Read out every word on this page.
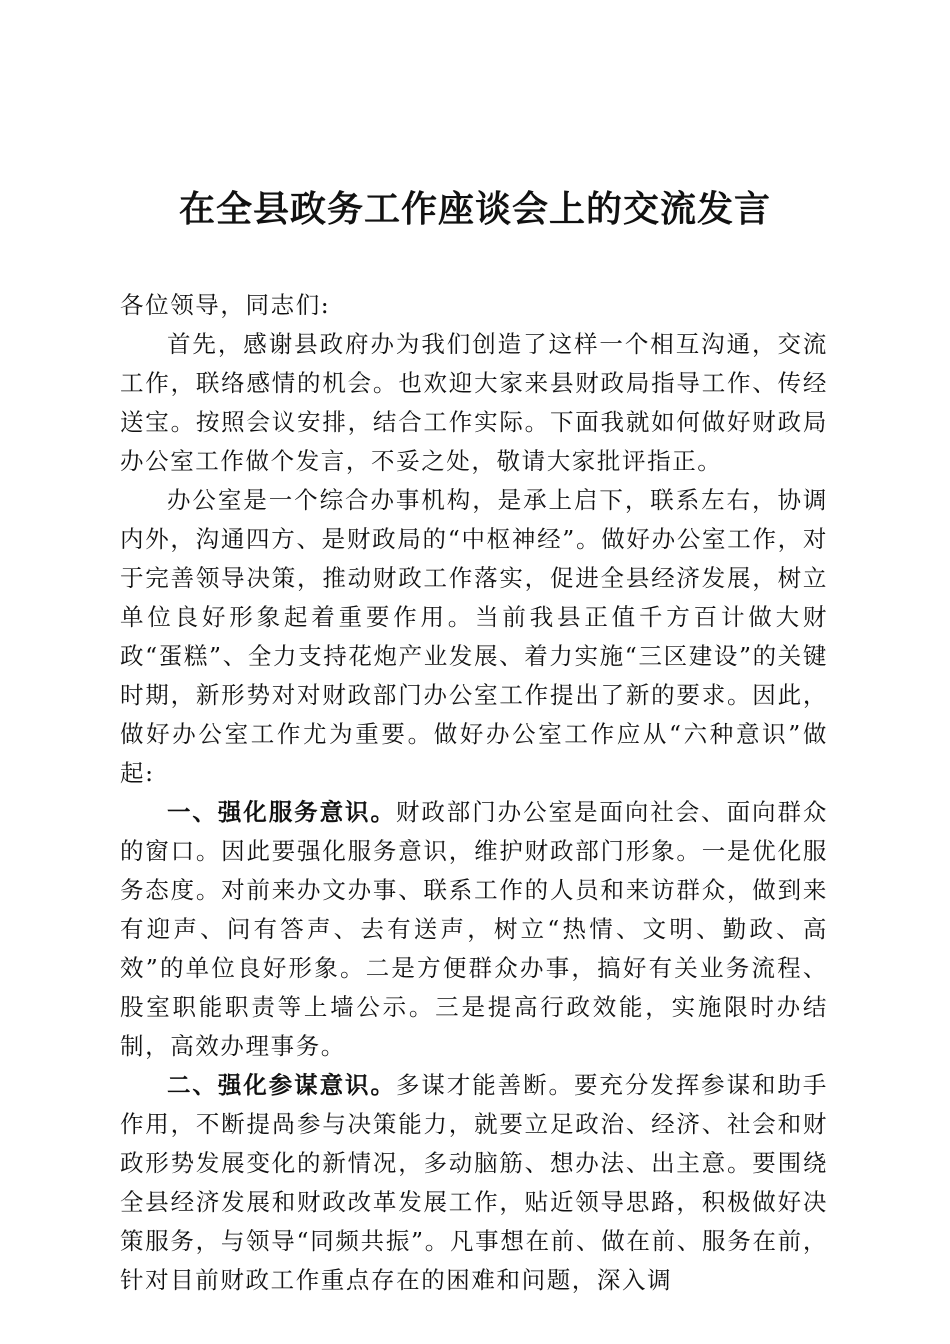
在全县政务工作座谈会上的交流发言

各位领导，同志们:

首先，感谢县政府办为我们创造了这样一个相互沟通，交流工作，联络感情的机会。也欢迎大家来县财政局指导工作、传经送宝。按照会议安排，结合工作实际。下面我就如何做好财政局办公室工作做个发言，不妥之处，敬请大家批评指正。

办公室是一个综合办事机构，是承上启下，联系左右，协调内外，沟通四方、是财政局的“中枢神经”。做好办公室工作，对于完善领导决策，推动财政工作落实，促进全县经济发展，树立单位良好形象起着重要作用。当前我县正值千方百计做大财政“蛋糕”、全力支持花炮产业发展、着力实施“三区建设”的关键时期，新形势对对财政部门办公室工作提出了新的要求。因此，做好办公室工作尤为重要。做好办公室工作应从“六种意识”做起:

一、强化服务意识。财政部门办公室是面向社会、面向群众的窗口。因此要强化服务意识，维护财政部门形象。一是优化服务态度。对前来办文办事、联系工作的人员和来访群众，做到来有迎声、问有答声、去有送声，树立“热情、文明、勤政、高效”的单位良好形象。二是方便群众办事，搞好有关业务流程、股室职能职责等上墙公示。三是提高行政效能，实施限时办结制，高效办理事务。

二、强化参谋意识。多谋才能善断。要充分发挥参谋和助手作用，不断提咼参与决策能力，就要立足政治、经济、社会和财政形势发展变化的新情况，多动脑筋、想办法、出主意。要围绕全县经济发展和财政改革发展工作，贴近领导思路，积极做好决策服务，与领导“同频共振”。凡事想在前、做在前、服务在前，针对目前财政工作重点存在的困难和问题，深入调
